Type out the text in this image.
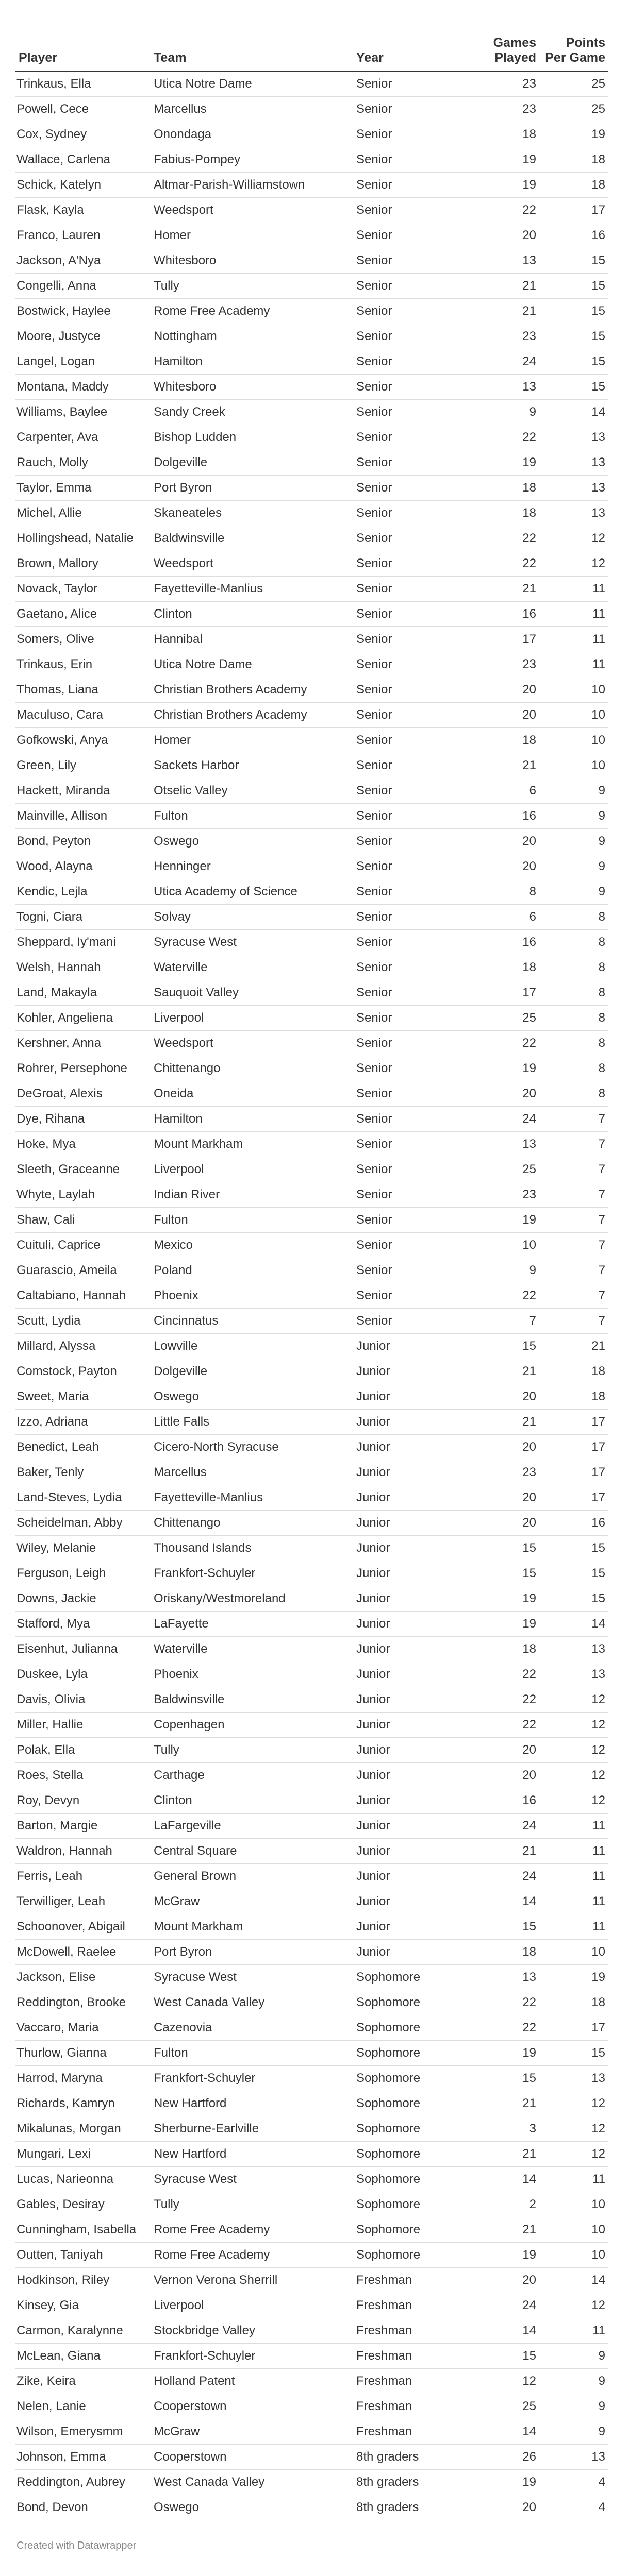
Player	Team	Year	Games Played	Points Per Game
Trinkaus, Ella	Utica Notre Dame	Senior	23	25
Powell, Cece	Marcellus	Senior	23	25
Cox, Sydney	Onondaga	Senior	18	19
Wallace, Carlena	Fabius-Pompey	Senior	19	18
Schick, Katelyn	Altmar-Parish-Williamstown	Senior	19	18
Flask, Kayla	Weedsport	Senior	22	17
Franco, Lauren	Homer	Senior	20	16
Jackson, A'Nya	Whitesboro	Senior	13	15
Congelli, Anna	Tully	Senior	21	15
Bostwick, Haylee	Rome Free Academy	Senior	21	15
Moore, Justyce	Nottingham	Senior	23	15
Langel, Logan	Hamilton	Senior	24	15
Montana, Maddy	Whitesboro	Senior	13	15
Williams, Baylee	Sandy Creek	Senior	9	14
Carpenter, Ava	Bishop Ludden	Senior	22	13
Rauch, Molly	Dolgeville	Senior	19	13
Taylor, Emma	Port Byron	Senior	18	13
Michel, Allie	Skaneateles	Senior	18	13
Hollingshead, Natalie	Baldwinsville	Senior	22	12
Brown, Mallory	Weedsport	Senior	22	12
Novack, Taylor	Fayetteville-Manlius	Senior	21	11
Gaetano, Alice	Clinton	Senior	16	11
Somers, Olive	Hannibal	Senior	17	11
Trinkaus, Erin	Utica Notre Dame	Senior	23	11
Thomas, Liana	Christian Brothers Academy	Senior	20	10
Maculuso, Cara	Christian Brothers Academy	Senior	20	10
Gofkowski, Anya	Homer	Senior	18	10
Green, Lily	Sackets Harbor	Senior	21	10
Hackett, Miranda	Otselic Valley	Senior	6	9
Mainville, Allison	Fulton	Senior	16	9
Bond, Peyton	Oswego	Senior	20	9
Wood, Alayna	Henninger	Senior	20	9
Kendic, Lejla	Utica Academy of Science	Senior	8	9
Togni, Ciara	Solvay	Senior	6	8
Sheppard, Iy'mani	Syracuse West	Senior	16	8
Welsh, Hannah	Waterville	Senior	18	8
Land, Makayla	Sauquoit Valley	Senior	17	8
Kohler, Angeliena	Liverpool	Senior	25	8
Kershner, Anna	Weedsport	Senior	22	8
Rohrer, Persephone	Chittenango	Senior	19	8
DeGroat, Alexis	Oneida	Senior	20	8
Dye, Rihana	Hamilton	Senior	24	7
Hoke, Mya	Mount Markham	Senior	13	7
Sleeth, Graceanne	Liverpool	Senior	25	7
Whyte, Laylah	Indian River	Senior	23	7
Shaw, Cali	Fulton	Senior	19	7
Cuituli, Caprice	Mexico	Senior	10	7
Guarascio, Ameila	Poland	Senior	9	7
Caltabiano, Hannah	Phoenix	Senior	22	7
Scutt, Lydia	Cincinnatus	Senior	7	7
Millard, Alyssa	Lowville	Junior	15	21
Comstock, Payton	Dolgeville	Junior	21	18
Sweet, Maria	Oswego	Junior	20	18
Izzo, Adriana	Little Falls	Junior	21	17
Benedict, Leah	Cicero-North Syracuse	Junior	20	17
Baker, Tenly	Marcellus	Junior	23	17
Land-Steves, Lydia	Fayetteville-Manlius	Junior	20	17
Scheidelman, Abby	Chittenango	Junior	20	16
Wiley, Melanie	Thousand Islands	Junior	15	15
Ferguson, Leigh	Frankfort-Schuyler	Junior	15	15
Downs, Jackie	Oriskany/Westmoreland	Junior	19	15
Stafford, Mya	LaFayette	Junior	19	14
Eisenhut, Julianna	Waterville	Junior	18	13
Duskee, Lyla	Phoenix	Junior	22	13
Davis, Olivia	Baldwinsville	Junior	22	12
Miller, Hallie	Copenhagen	Junior	22	12
Polak, Ella	Tully	Junior	20	12
Roes, Stella	Carthage	Junior	20	12
Roy, Devyn	Clinton	Junior	16	12
Barton, Margie	LaFargeville	Junior	24	11
Waldron, Hannah	Central Square	Junior	21	11
Ferris, Leah	General Brown	Junior	24	11
Terwilliger, Leah	McGraw	Junior	14	11
Schoonover, Abigail	Mount Markham	Junior	15	11
McDowell, Raelee	Port Byron	Junior	18	10
Jackson, Elise	Syracuse West	Sophomore	13	19
Reddington, Brooke	West Canada Valley	Sophomore	22	18
Vaccaro, Maria	Cazenovia	Sophomore	22	17
Thurlow, Gianna	Fulton	Sophomore	19	15
Harrod, Maryna	Frankfort-Schuyler	Sophomore	15	13
Richards, Kamryn	New Hartford	Sophomore	21	12
Mikalunas, Morgan	Sherburne-Earlville	Sophomore	3	12
Mungari, Lexi	New Hartford	Sophomore	21	12
Lucas, Narieonna	Syracuse West	Sophomore	14	11
Gables, Desiray	Tully	Sophomore	2	10
Cunningham, Isabella	Rome Free Academy	Sophomore	21	10
Outten, Taniyah	Rome Free Academy	Sophomore	19	10
Hodkinson, Riley	Vernon Verona Sherrill	Freshman	20	14
Kinsey, Gia	Liverpool	Freshman	24	12
Carmon, Karalynne	Stockbridge Valley	Freshman	14	11
McLean, Giana	Frankfort-Schuyler	Freshman	15	9
Zike, Keira	Holland Patent	Freshman	12	9
Nelen, Lanie	Cooperstown	Freshman	25	9
Wilson, Emerysmm	McGraw	Freshman	14	9
Johnson, Emma	Cooperstown	8th graders	26	13
Reddington, Aubrey	West Canada Valley	8th graders	19	4
Bond, Devon	Oswego	8th graders	20	4
Created with Datawrapper
